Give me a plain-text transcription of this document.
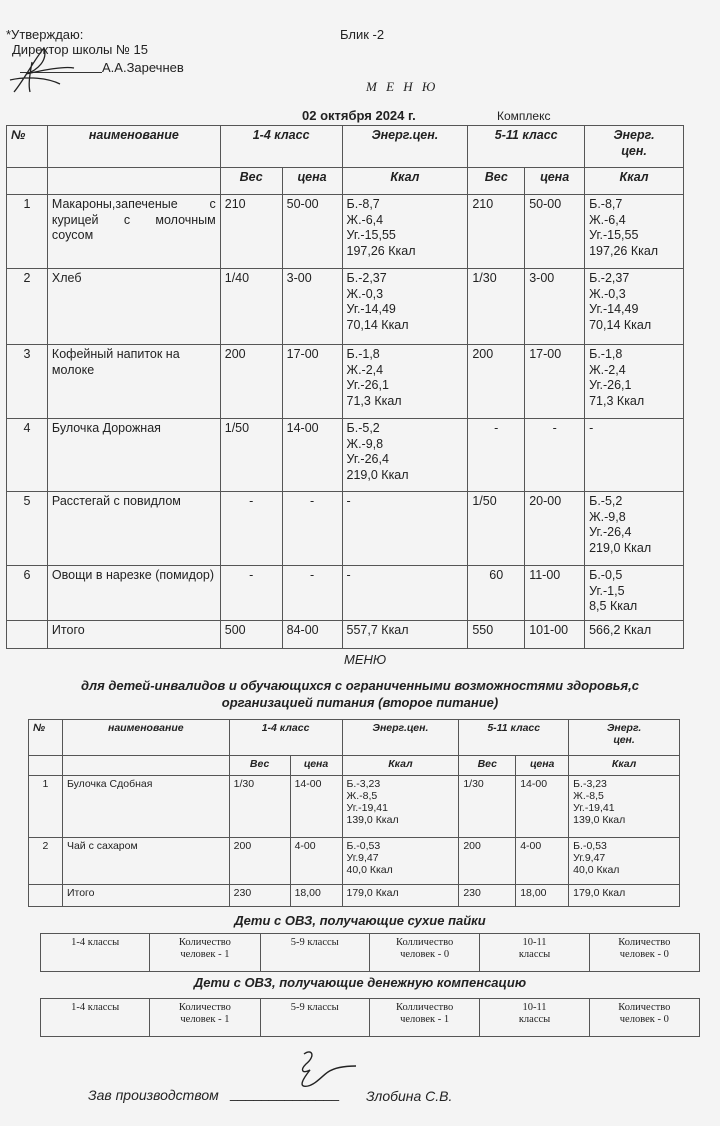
*Утверждаю:
Директор школы № 15
А.А.Заречнев
Блик -2
М Е Н Ю
02 октября 2024 г.	Комплекс
№	наименование	1-4 класс		Энерг.цен.	5-11 класс		Энерг.
цен.
		Вес	цена	Ккал	Вес	цена	Ккал
1	Макароны,запеченые с курицей с молочным соусом	210	50-00	Б.-8,7
Ж.-6,4
Уг.-15,55
197,26 Ккал	210	50-00	Б.-8,7
Ж.-6,4
Уг.-15,55
197,26 Ккал
2	Хлеб	1/40	3-00	Б.-2,37
Ж.-0,3
Уг.-14,49
70,14 Ккал	1/30	3-00	Б.-2,37
Ж.-0,3
Уг.-14,49
70,14 Ккал
3	Кофейный напиток на молоке	200	17-00	Б.-1,8
Ж.-2,4
Уг.-26,1
71,3 Ккал	200	17-00	Б.-1,8
Ж.-2,4
Уг.-26,1
71,3 Ккал
4	Булочка Дорожная	1/50	14-00	Б.-5,2
Ж.-9,8
Уг.-26,4
219,0 Ккал	-	-	-
5	Расстегай с повидлом	-	-	-	1/50	20-00	Б.-5,2
Ж.-9,8
Уг.-26,4
219,0 Ккал
6	Овощи в нарезке (помидор)	-	-	-	60	11-00	Б.-0,5
Уг.-1,5
8,5 Ккал
	Итого	500	84-00	557,7 Ккал	550	101-00	566,2 Ккал
МЕНЮ
для детей-инвалидов и обучающихся с ограниченными возможностями здоровья,с
организацией питания (второе питание)
№	наименование	1-4 класс		Энерг.цен.	5-11 класс		Энерг.
цен.
		Вес	цена	Ккал	Вес	цена	Ккал
1	Булочка Сдобная	1/30	14-00	Б.-3,23
Ж.-8,5
Уг.-19,41
139,0 Ккал	1/30	14-00	Б.-3,23
Ж.-8,5
Уг.-19,41
139,0 Ккал
2	Чай с сахаром	200	4-00	Б.-0,53
Уг.9,47
40,0 Ккал	200	4-00	Б.-0,53
Уг.9,47
40,0 Ккал
	Итого	230	18,00	179,0 Ккал	230	18,00	179,0 Ккал
Дети с ОВЗ, получающие сухие пайки
1-4 классы	Количество
человек - 1	5-9 классы	Колличество
человек - 0	10-11
классы	Количество
человек - 0
Дети с ОВЗ, получающие денежную компенсацию
1-4 классы	Количество
человек - 1	5-9 классы	Колличество
человек - 1	10-11
классы	Количество
человек - 0
Зав производством ______________ Злобина С.В.
